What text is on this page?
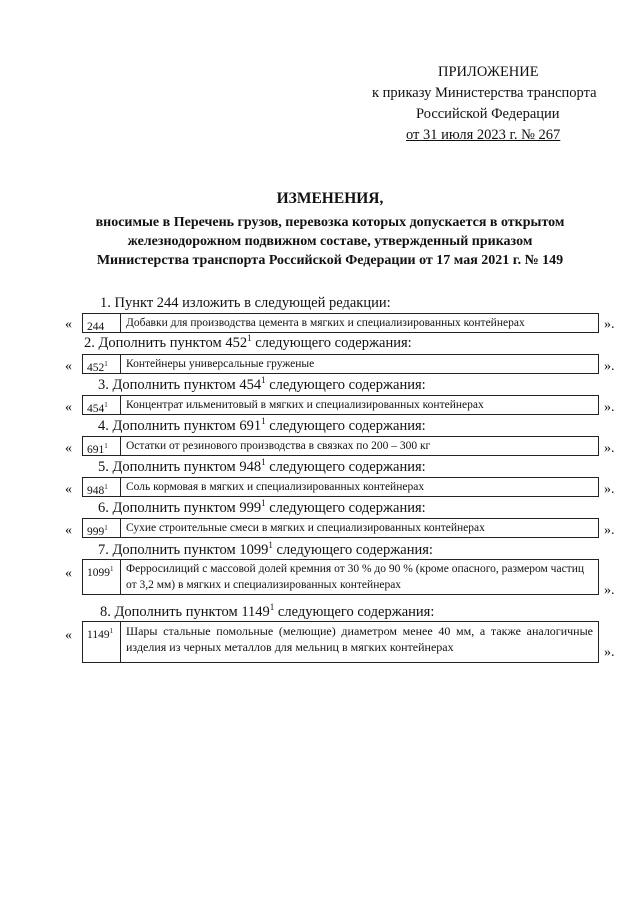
ПРИЛОЖЕНИЕ
к приказу Министерства транспорта
Российской Федерации
от 31 июля 2023 г. № 267
ИЗМЕНЕНИЯ,
вносимые в Перечень грузов, перевозка которых допускается в открытом
железнодорожном подвижном составе, утвержденный приказом
Министерства транспорта Российской Федерации от 17 мая 2021 г. № 149
1. Пункт 244 изложить в следующей редакции:
«	244	Добавки для производства цемента в мягких и специализированных контейнерах	».
2. Дополнить пунктом $452^1$ следующего содержания:
«	$452^1$	Контейнеры универсальные груженые	».
3. Дополнить пунктом $454^1$ следующего содержания:
«	$454^1$	Концентрат ильменитовый в мягких и специализированных контейнерах	».
4. Дополнить пунктом $691^1$ следующего содержания:
«	$691^1$	Остатки от резинового производства в связках по 200 – 300 кг	».
5. Дополнить пунктом $948^1$ следующего содержания:
«	$948^1$	Соль кормовая в мягких и специализированных контейнерах	».
6. Дополнить пунктом $999^1$ следующего содержания:
«	$999^1$	Сухие строительные смеси в мягких и специализированных контейнерах	».
7. Дополнить пунктом 1099$^1$ следующего содержания:
«	1099$^1$	Ферросилиций с массовой долей кремния от 30 % до 90 % (кроме опасного, размером частиц от 3,2 мм) в мягких и специализированных контейнерах	».
8. Дополнить пунктом 1149$^1$ следующего содержания:
«	1149$^1$	Шары стальные помольные (мелющие) диаметром менее 40 мм, а также аналогичные изделия из черных металлов для мельниц в мягких контейнерах	».
